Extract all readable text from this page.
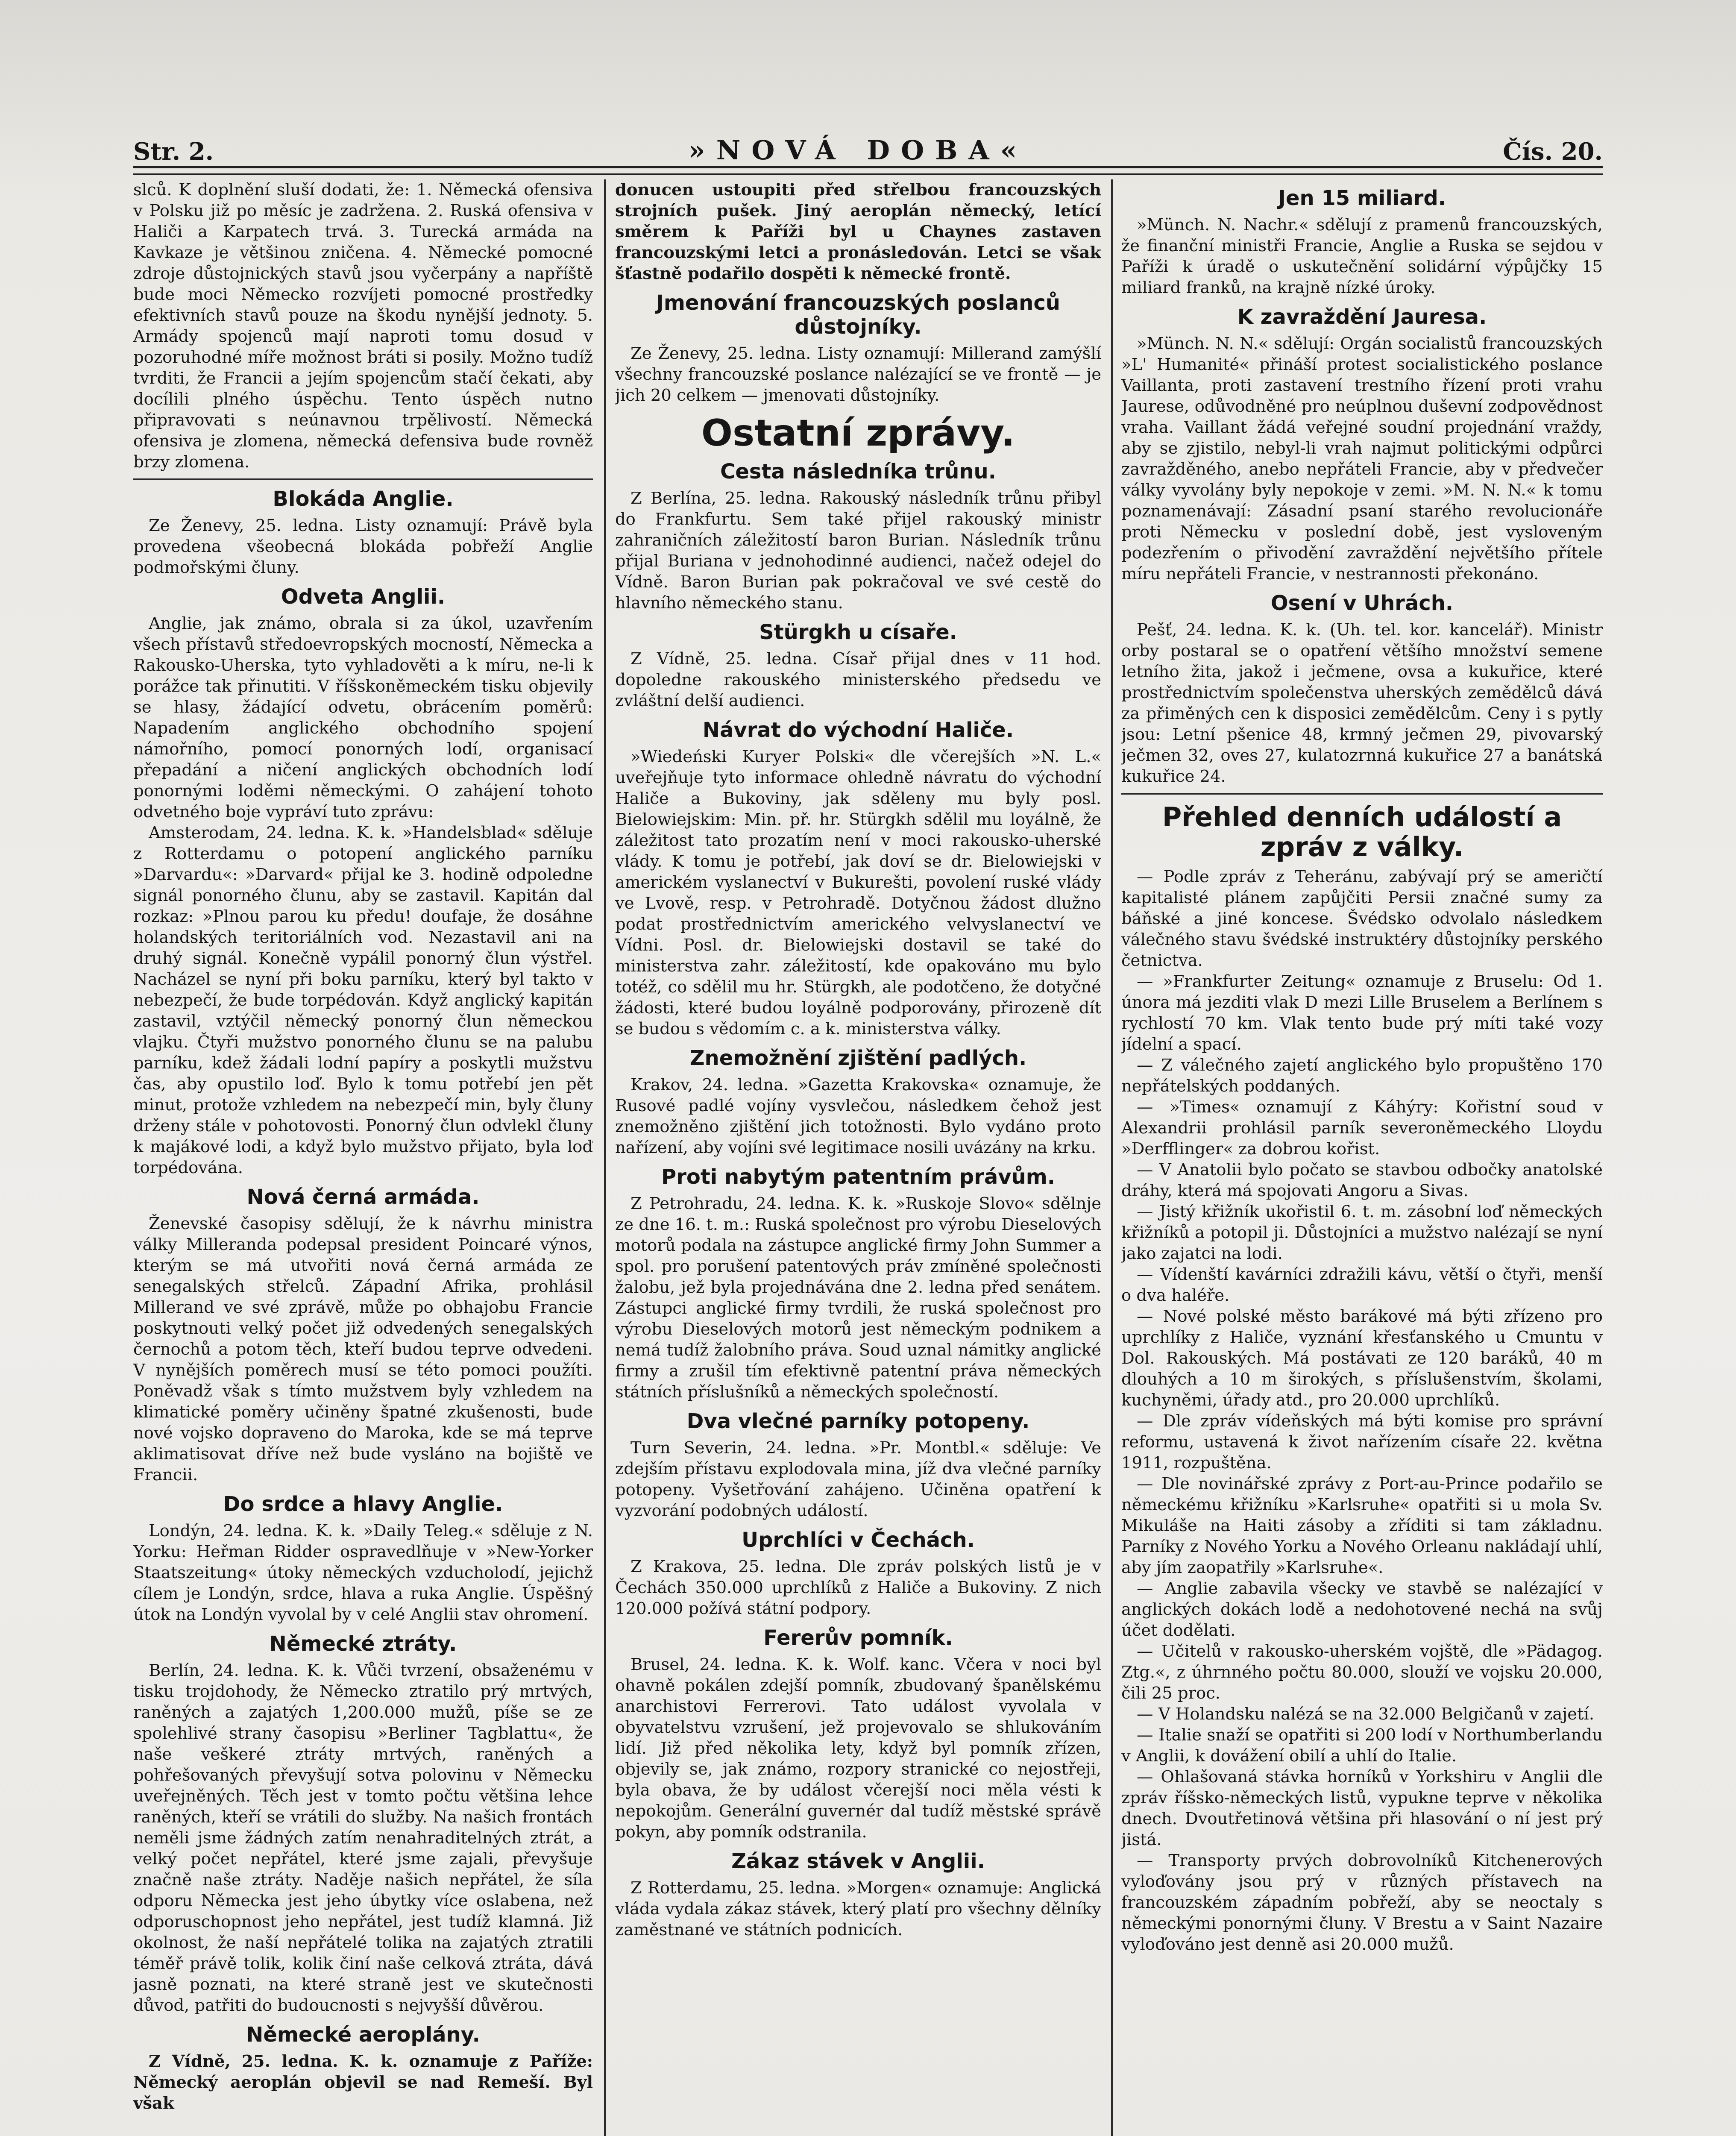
Str. 2.	»NOVÁ DOBA«	Čís. 20.

slců. K doplnění sluší dodati, že: 1. Německá ofensiva v Polsku již po měsíc je zadržena. 2. Ruská ofensiva v Haliči a Karpatech trvá. 3. Turecká armáda na Kavkaze je většinou zničena. 4. Německé pomocné zdroje důstojnických stavů jsou vyčerpány a napříště bude moci Německo rozvíjeti pomocné prostředky efektivních stavů pouze na škodu nynější jednoty. 5. Armády spojenců mají naproti tomu dosud v pozoruhodné míře možnost bráti si posily. Možno tudíž tvrditi, že Francii a jejím spojencům stačí čekati, aby docílili plného úspěchu. Tento úspěch nutno připravovati s neúnavnou trpělivostí. Německá ofensiva je zlomena, německá defensiva bude rovněž brzy zlomena.

Blokáda Anglie.

Ze Ženevy, 25. ledna. Listy oznamují: Právě byla provedena všeobecná blokáda pobřeží Anglie podmořskými čluny.

Odveta Anglii.

Anglie, jak známo, obrala si za úkol, uzavřením všech přístavů středoevropských mocností, Německa a Rakousko-Uherska, tyto vyhladověti a k míru, ne-li k porážce tak přinutiti. V říšskoněmeckém tisku objevily se hlasy, žádající odvetu, obrácením poměrů: Napadením anglického obchodního spojení námořního, pomocí ponorných lodí, organisací přepadání a ničení anglických obchodních lodí ponornými loděmi německými. O zahájení tohoto odvetného boje vypráví tuto zprávu:

Amsterodam, 24. ledna. K. k. »Handelsblad« sděluje z Rotterdamu o potopení anglického parníku »Darvardu«: »Darvard« přijal ke 3. hodině odpoledne signál ponorného člunu, aby se zastavil. Kapitán dal rozkaz: »Plnou parou ku předu! doufaje, že dosáhne holandských teritoriálních vod. Nezastavil ani na druhý signál. Konečně vypálil ponorný člun výstřel. Nacházel se nyní při boku parníku, který byl takto v nebezpečí, že bude torpédován. Když anglický kapitán zastavil, vztýčil německý ponorný člun německou vlajku. Čtyři mužstvo ponorného člunu se na palubu parníku, kdež žádali lodní papíry a poskytli mužstvu čas, aby opustilo loď. Bylo k tomu potřebí jen pět minut, protože vzhledem na nebezpečí min, byly čluny drženy stále v pohotovosti. Ponorný člun odvlekl čluny k majákové lodi, a když bylo mužstvo přijato, byla loď torpédována.

Nová černá armáda.

Ženevské časopisy sdělují, že k návrhu ministra války Milleranda podepsal president Poincaré výnos, kterým se má utvořiti nová černá armáda ze senegalských střelců. Západní Afrika, prohlásil Millerand ve své zprávě, může po obhajobu Francie poskytnouti velký počet již odvedených senegalských černochů a potom těch, kteří budou teprve odvedeni. V nynějších poměrech musí se této pomoci použíti. Poněvadž však s tímto mužstvem byly vzhledem na klimatické poměry učiněny špatné zkušenosti, bude nové vojsko dopraveno do Maroka, kde se má teprve aklimatisovat dříve než bude vysláno na bojiště ve Francii.

Do srdce a hlavy Anglie.

Londýn, 24. ledna. K. k. »Daily Teleg.« sděluje z N. Yorku: Heřman Ridder ospravedlňuje v »New-Yorker Staatszeitung« útoky německých vzducholodí, jejichž cílem je Londýn, srdce, hlava a ruka Anglie. Úspěšný útok na Londýn vyvolal by v celé Anglii stav ohromení.

Německé ztráty.

Berlín, 24. ledna. K. k. Vůči tvrzení, obsaženému v tisku trojdohody, že Německo ztratilo prý mrtvých, raněných a zajatých 1,200.000 mužů, píše se ze spolehlivé strany časopisu »Berliner Tagblattu«, že naše veškeré ztráty mrtvých, raněných a pohřešovaných převyšují sotva polovinu v Německu uveřejněných. Těch jest v tomto počtu většina lehce raněných, kteří se vrátili do služby. Na našich frontách neměli jsme žádných zatím nenahraditelných ztrát, a velký počet nepřátel, které jsme zajali, převyšuje značně naše ztráty. Naděje našich nepřátel, že síla odporu Německa jest jeho úbytky více oslabena, než odporuschopnost jeho nepřátel, jest tudíž klamná. Již okolnost, že naší nepřátelé tolika na zajatých ztratili téměř právě tolik, kolik činí naše celková ztráta, dává jasně poznati, na které straně jest ve skutečnosti důvod, patřiti do budoucnosti s nejvyšší důvěrou.

Německé aeroplány.

Z Vídně, 25. ledna. K. k. oznamuje z Paříže: Německý aeroplán objevil se nad Remeší. Byl však

donucen ustoupiti před střelbou francouzských strojních pušek. Jiný aeroplán německý, letící směrem k Paříži byl u Chaynes zastaven francouzskými letci a pronásledován. Letci se však šťastně podařilo dospěti k německé frontě.

Jmenování francouzských poslanců důstojníky.

Ze Ženevy, 25. ledna. Listy oznamují: Millerand zamýšlí všechny francouzské poslance nalézající se ve frontě — je jich 20 celkem — jmenovati důstojníky.

Ostatní zprávy.
Cesta následníka trůnu.

Z Berlína, 25. ledna. Rakouský následník trůnu přibyl do Frankfurtu. Sem také přijel rakouský ministr zahraničních záležitostí baron Burian. Následník trůnu přijal Buriana v jednohodinné audienci, načež odejel do Vídně. Baron Burian pak pokračoval ve své cestě do hlavního německého stanu.

Stürgkh u císaře.

Z Vídně, 25. ledna. Císař přijal dnes v 11 hod. dopoledne rakouského ministerského předsedu ve zvláštní delší audienci.

Návrat do východní Haliče.

»Wiedeński Kuryer Polski« dle včerejších »N. L.« uveřejňuje tyto informace ohledně návratu do východní Haliče a Bukoviny, jak sděleny mu byly posl. Bielowiejskim: Min. př. hr. Stürgkh sdělil mu loyálně, že záležitost tato prozatím není v moci rakousko-uherské vlády. K tomu je potřebí, jak doví se dr. Bielowiejski v americkém vyslanectví v Bukurešti, povolení ruské vlády ve Lvově, resp. v Petrohradě. Dotyčnou žádost dlužno podat prostřednictvím amerického velvyslanectví ve Vídni. Posl. dr. Bielowiejski dostavil se také do ministerstva zahr. záležitostí, kde opakováno mu bylo totéž, co sdělil mu hr. Stürgkh, ale podotčeno, že dotyčné žádosti, které budou loyálně podporovány, přirozeně dít se budou s vědomím c. a k. ministerstva války.

Znemožnění zjištění padlých.

Krakov, 24. ledna. »Gazetta Krakovska« oznamuje, že Rusové padlé vojíny vysvlečou, následkem čehož jest znemožněno zjištění jich totožnosti. Bylo vydáno proto nařízení, aby vojíni své legitimace nosili uvázány na krku.

Proti nabytým patentním právům.

Z Petrohradu, 24. ledna. K. k. »Ruskoje Slovo« sdělnje ze dne 16. t. m.: Ruská společnost pro výrobu Dieselových motorů podala na zástupce anglické firmy John Summer a spol. pro porušení patentových práv zmíněné společnosti žalobu, jež byla projednávána dne 2. ledna před senátem. Zástupci anglické firmy tvrdili, že ruská společnost pro výrobu Dieselových motorů jest německým podnikem a nemá tudíž žalobního práva. Soud uznal námitky anglické firmy a zrušil tím efektivně patentní práva německých státních příslušníků a německých společností.

Dva vlečné parníky potopeny.

Turn Severin, 24. ledna. »Pr. Montbl.« sděluje: Ve zdejším přístavu explodovala mina, jíž dva vlečné parníky potopeny. Vyšetřování zahájeno. Učiněna opatření k vyzvorání podobných událostí.

Uprchlíci v Čechách.

Z Krakova, 25. ledna. Dle zpráv polských listů je v Čechách 350.000 uprchlíků z Haliče a Bukoviny. Z nich 120.000 požívá státní podpory.

Fererův pomník.

Brusel, 24. ledna. K. k. Wolf. kanc. Včera v noci byl ohavně pokálen zdejší pomník, zbudovaný španělskému anarchistovi Ferrerovi. Tato událost vyvolala v obyvatelstvu vzrušení, jež projevovalo se shlukováním lidí. Již před několika lety, když byl pomník zřízen, objevily se, jak známo, rozpory stranické co nejostřeji, byla obava, že by událost včerejší noci měla vésti k nepokojům. Generální guvernér dal tudíž městské správě pokyn, aby pomník odstranila.

Zákaz stávek v Anglii.

Z Rotterdamu, 25. ledna. »Morgen« oznamuje: Anglická vláda vydala zákaz stávek, který platí pro všechny dělníky zaměstnané ve státních podnicích.

Jen 15 miliard.

»Münch. N. Nachr.« sdělují z pramenů francouzských, že finanční ministři Francie, Anglie a Ruska se sejdou v Paříži k úradě o uskutečnění solidární výpůjčky 15 miliard franků, na krajně nízké úroky.

K zavraždění Jauresa.

»Münch. N. N.« sdělují: Orgán socialistů francouzských »L' Humanité« přináší protest socialistického poslance Vaillanta, proti zastavení trestního řízení proti vrahu Jaurese, odůvodněné pro neúplnou duševní zodpovědnost vraha. Vaillant žádá veřejné soudní projednání vraždy, aby se zjistilo, nebyl-li vrah najmut politickými odpůrci zavražděného, anebo nepřáteli Francie, aby v předvečer války vyvolány byly nepokoje v zemi. »M. N. N.« k tomu poznamenávají: Zásadní psaní starého revolucionáře proti Německu v poslední době, jest vysloveným podezřením o přivodění zavraždění největšího přítele míru nepřáteli Francie, v nestrannosti překonáno.

Osení v Uhrách.

Pešť, 24. ledna. K. k. (Uh. tel. kor. kancelář). Ministr orby postaral se o opatření většího množství semene letního žita, jakož i ječmene, ovsa a kukuřice, které prostřednictvím společenstva uherských zemědělců dává za přiměných cen k disposici zemědělcům. Ceny i s pytly jsou: Letní pšenice 48, krmný ječmen 29, pivovarský ječmen 32, oves 27, kulatozrnná kukuřice 27 a banátská kukuřice 24.

Přehled denních událostí a zpráv z války.

— Podle zpráv z Teheránu, zabývají prý se američtí kapitalisté plánem zapůjčiti Persii značné sumy za báňské a jiné koncese. Švédsko odvolalo následkem válečného stavu švédské instruktéry důstojníky perského četnictva.

— »Frankfurter Zeitung« oznamuje z Bruselu: Od 1. února má jezditi vlak D mezi Lille Bruselem a Berlínem s rychlostí 70 km. Vlak tento bude prý míti také vozy jídelní a spací.

— Z válečného zajetí anglického bylo propuštěno 170 nepřátelských poddaných.

— »Times« oznamují z Káhýry: Kořistní soud v Alexandrii prohlásil parník severoněmeckého Lloydu »Derfflinger« za dobrou kořist.

— V Anatolii bylo počato se stavbou odbočky anatolské dráhy, která má spojovati Angoru a Sivas.

— Jistý křižník ukořistil 6. t. m. zásobní loď německých křižníků a potopil ji. Důstojníci a mužstvo nalézají se nyní jako zajatci na lodi.

— Vídenští kavárníci zdražili kávu, větší o čtyři, menší o dva haléře.

— Nové polské město barákové má býti zřízeno pro uprchlíky z Haliče, vyznání křesťanského u Cmuntu v Dol. Rakouských. Má postávati ze 120 baráků, 40 m dlouhých a 10 m širokých, s příslušenstvím, školami, kuchyněmi, úřady atd., pro 20.000 uprchlíků.

— Dle zpráv vídeňských má býti komise pro správní reformu, ustavená k život nařízením císaře 22. května 1911, rozpuštěna.

— Dle novinářské zprávy z Port-au-Prince podařilo se německému křižníku »Karlsruhe« opatřiti si u mola Sv. Mikuláše na Haiti zásoby a zříditi si tam základnu. Parníky z Nového Yorku a Nového Orleanu nakládají uhlí, aby jím zaopatřily »Karlsruhe«.

— Anglie zabavila všecky ve stavbě se nalézající v anglických dokách lodě a nedohotovené nechá na svůj účet dodělati.

— Učitelů v rakousko-uherském vojště, dle »Pädagog. Ztg.«, z úhrnného počtu 80.000, slouží ve vojsku 20.000, čili 25 proc.

— V Holandsku nalézá se na 32.000 Belgičanů v zajetí.

— Italie snaží se opatřiti si 200 lodí v Northumberlandu v Anglii, k dovážení obilí a uhlí do Italie.

— Ohlašovaná stávka horníků v Yorkshiru v Anglii dle zpráv říšsko-německých listů, vypukne teprve v několika dnech. Dvoutřetinová většina při hlasování o ní jest prý jistá.

— Transporty prvých dobrovolníků Kitchenerových vyloďovány jsou prý v různých přístavech na francouzském západním pobřeží, aby se neoctaly s německými ponornými čluny. V Brestu a v Saint Nazaire vyloďováno jest denně asi 20.000 mužů.
